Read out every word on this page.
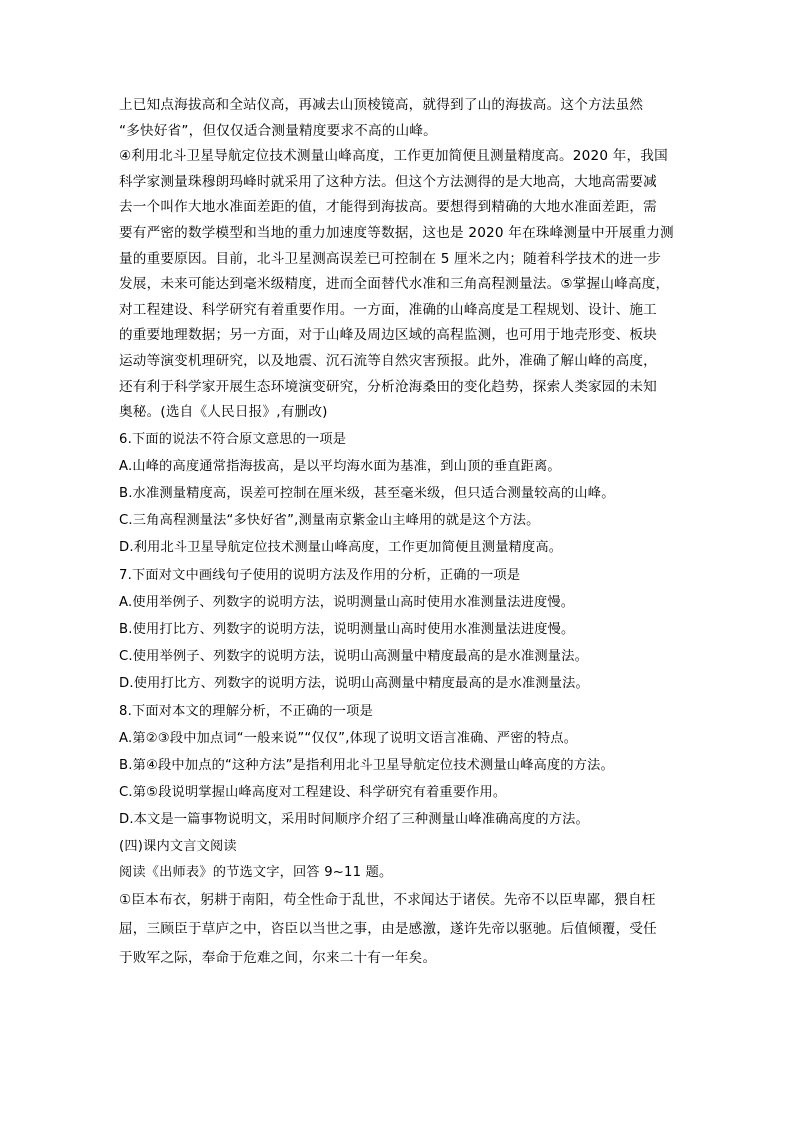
上已知点海拔高和全站仪高，再减去山顶棱镜高，就得到了山的海拔高。这个方法虽然
“多快好省”，但仅仅适合测量精度要求不高的山峰。
④利用北斗卫星导航定位技术测量山峰高度，工作更加简便且测量精度高。2020 年，我国
科学家测量珠穆朗玛峰时就采用了这种方法。但这个方法测得的是大地高，大地高需要减
去一个叫作大地水准面差距的值，才能得到海拔高。要想得到精确的大地水准面差距，需
要有严密的数学模型和当地的重力加速度等数据，这也是 2020 年在珠峰测量中开展重力测
量的重要原因。目前，北斗卫星测高误差已可控制在 5 厘米之内；随着科学技术的进一步
发展，未来可能达到毫米级精度，进而全面替代水准和三角高程测量法。⑤掌握山峰高度，
对工程建设、科学研究有着重要作用。一方面，准确的山峰高度是工程规划、设计、施工
的重要地理数据；另一方面，对于山峰及周边区域的高程监测，也可用于地壳形变、板块
运动等演变机理研究，以及地震、沉石流等自然灾害预报。此外，准确了解山峰的高度，
还有利于科学家开展生态环境演变研究，分析沧海桑田的变化趋势，探索人类家园的未知
奥秘。(选自《人民日报》,有删改)
6.下面的说法不符合原文意思的一项是
A.山峰的高度通常指海拔高，是以平均海水面为基准，到山顶的垂直距离。
B.水准测量精度高，误差可控制在厘米级，甚至毫米级，但只适合测量较高的山峰。
C.三角高程测量法“多快好省”,测量南京紫金山主峰用的就是这个方法。
D.利用北斗卫星导航定位技术测量山峰高度，工作更加简便且测量精度高。
7.下面对文中画线句子使用的说明方法及作用的分析，正确的一项是
A.使用举例子、列数字的说明方法，说明测量山高时使用水准测量法进度慢。
B.使用打比方、列数字的说明方法，说明测量山高时使用水准测量法进度慢。
C.使用举例子、列数字的说明方法，说明山高测量中精度最高的是水准测量法。
D.使用打比方、列数字的说明方法，说明山高测量中精度最高的是水准测量法。
8.下面对本文的理解分析，不正确的一项是
A.第②③段中加点词“一般来说”“仅仅”,体现了说明文语言准确、严密的特点。
B.第④段中加点的“这种方法”是指利用北斗卫星导航定位技术测量山峰高度的方法。
C.第⑤段说明掌握山峰高度对工程建设、科学研究有着重要作用。
D.本文是一篇事物说明文，采用时间顺序介绍了三种测量山峰准确高度的方法。
(四)课内文言文阅读
阅读《出师表》的节选文字，回答 9~11 题。
①臣本布衣，躬耕于南阳，苟全性命于乱世，不求闻达于诸侯。先帝不以臣卑鄙，猥自枉
屈，三顾臣于草庐之中，咨臣以当世之事，由是感激，遂许先帝以驱驰。后值倾覆，受任
于败军之际，奉命于危难之间，尔来二十有一年矣。
